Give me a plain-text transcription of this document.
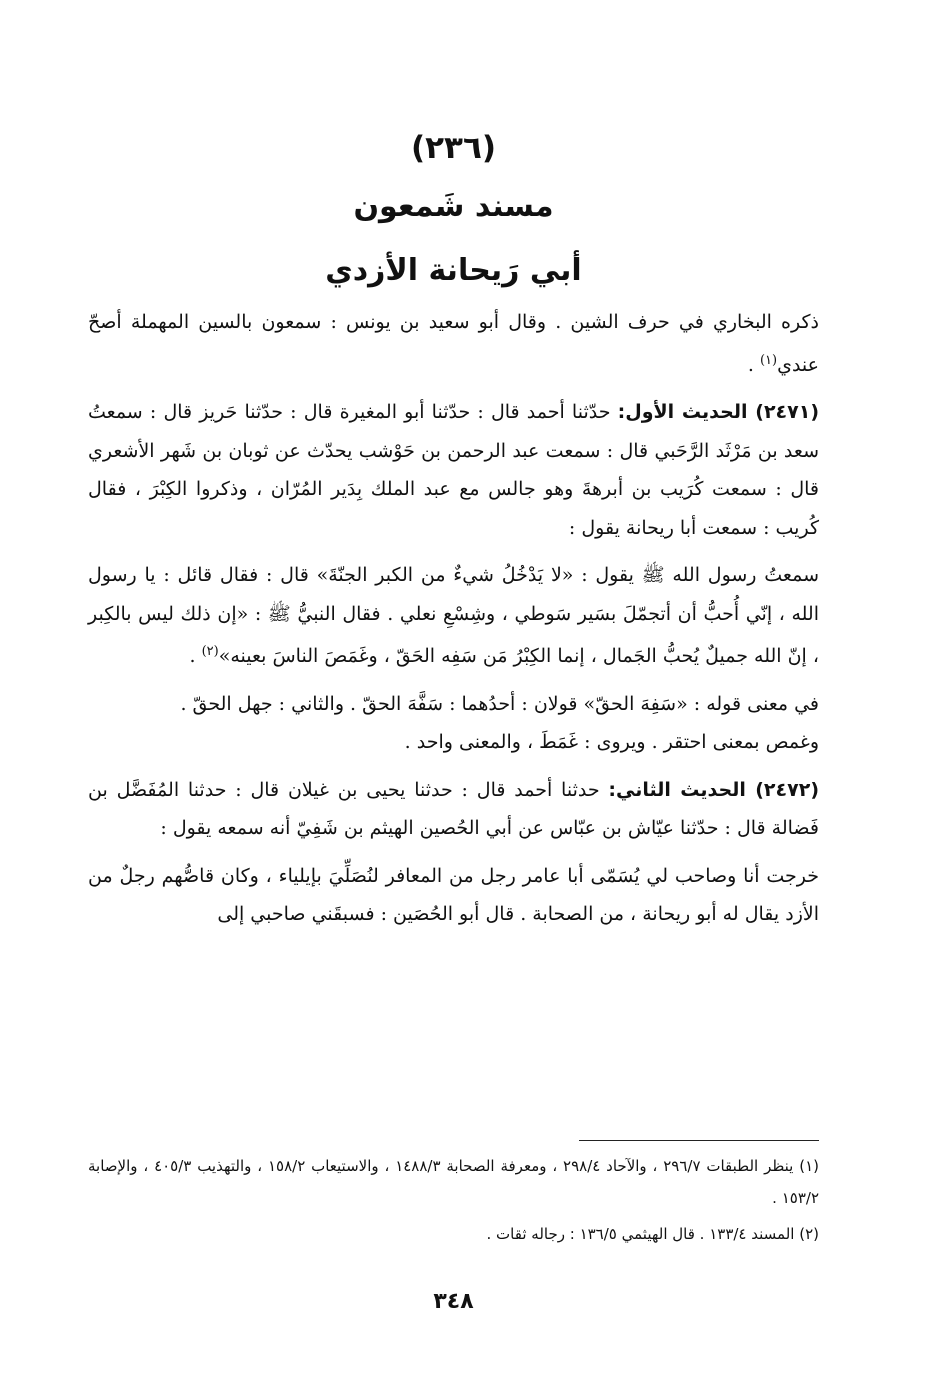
(٢٣٦)
مسند شَمعون
أبي رَيحانة الأزدي

ذكره البخاري في حرف الشين . وقال أبو سعيد بن يونس : سمعون بالسين المهملة أصحّ عندي$^{(١)}$ .

(٢٤٧١) الحديث الأول: حدّثنا أحمد قال : حدّثنا أبو المغيرة قال : حدّثنا حَريز قال : سمعتُ سعد بن مَرْثَد الرَّحَبي قال : سمعت عبد الرحمن بن حَوْشب يحدّث عن ثوبان بن شَهر الأشعري قال : سمعت كُرَيب بن أبرهةَ وهو جالس مع عبد الملك بِدَير المُرّان ، وذكروا الكِبْرَ ، فقال كُريب : سمعت أبا ريحانة يقول :

سمعتُ رسول الله ﷺ يقول : «لا يَدْخُلُ شيءٌ من الكبر الجنّةَ» قال : فقال قائل : يا رسول الله ، إنّي أُحبُّ أن أتجمّلَ بسَير سَوطي ، وشِسْعِ نعلي . فقال النبيُّ ﷺ : «إن ذلك ليس بالكِبر ، إنّ الله جميلٌ يُحبُّ الجَمال ، إنما الكِبْرُ مَن سَفِه الحَقّ ، وغَمَصَ الناسَ بعينه»$^{(٢)}$ .

في معنى قوله : «سَفِهَ الحقّ» قولان : أحدُهما : سَفَّهَ الحقّ . والثاني : جهل الحقّ .

وغمص بمعنى احتقر . ويروى : غَمَطَ ، والمعنى واحد .

(٢٤٧٢) الحديث الثاني: حدثنا أحمد قال : حدثنا يحيى بن غيلان قال : حدثنا المُفَضَّل بن فَضالة قال : حدّثنا عيّاش بن عبّاس عن أبي الحُصين الهيثم بن شَفِيّ أنه سمعه يقول :

خرجت أنا وصاحب لي يُسَمّى أبا عامر رجل من المعافر لنُصَلِّيَ بإيلياء ، وكان قاصُّهم رجلٌ من الأزد يقال له أبو ريحانة ، من الصحابة . قال أبو الحُصَين : فسبقَني صاحبي إلى

(١) ينظر الطبقات ٢٩٦/٧ ، والآحاد ٢٩٨/٤ ، ومعرفة الصحابة ١٤٨٨/٣ ، والاستيعاب ١٥٨/٢ ، والتهذيب ٤٠٥/٣ ، والإصابة ١٥٣/٢ .

(٢) المسند ١٣٣/٤ . قال الهيثمي ١٣٦/٥ : رجاله ثقات .

٣٤٨
